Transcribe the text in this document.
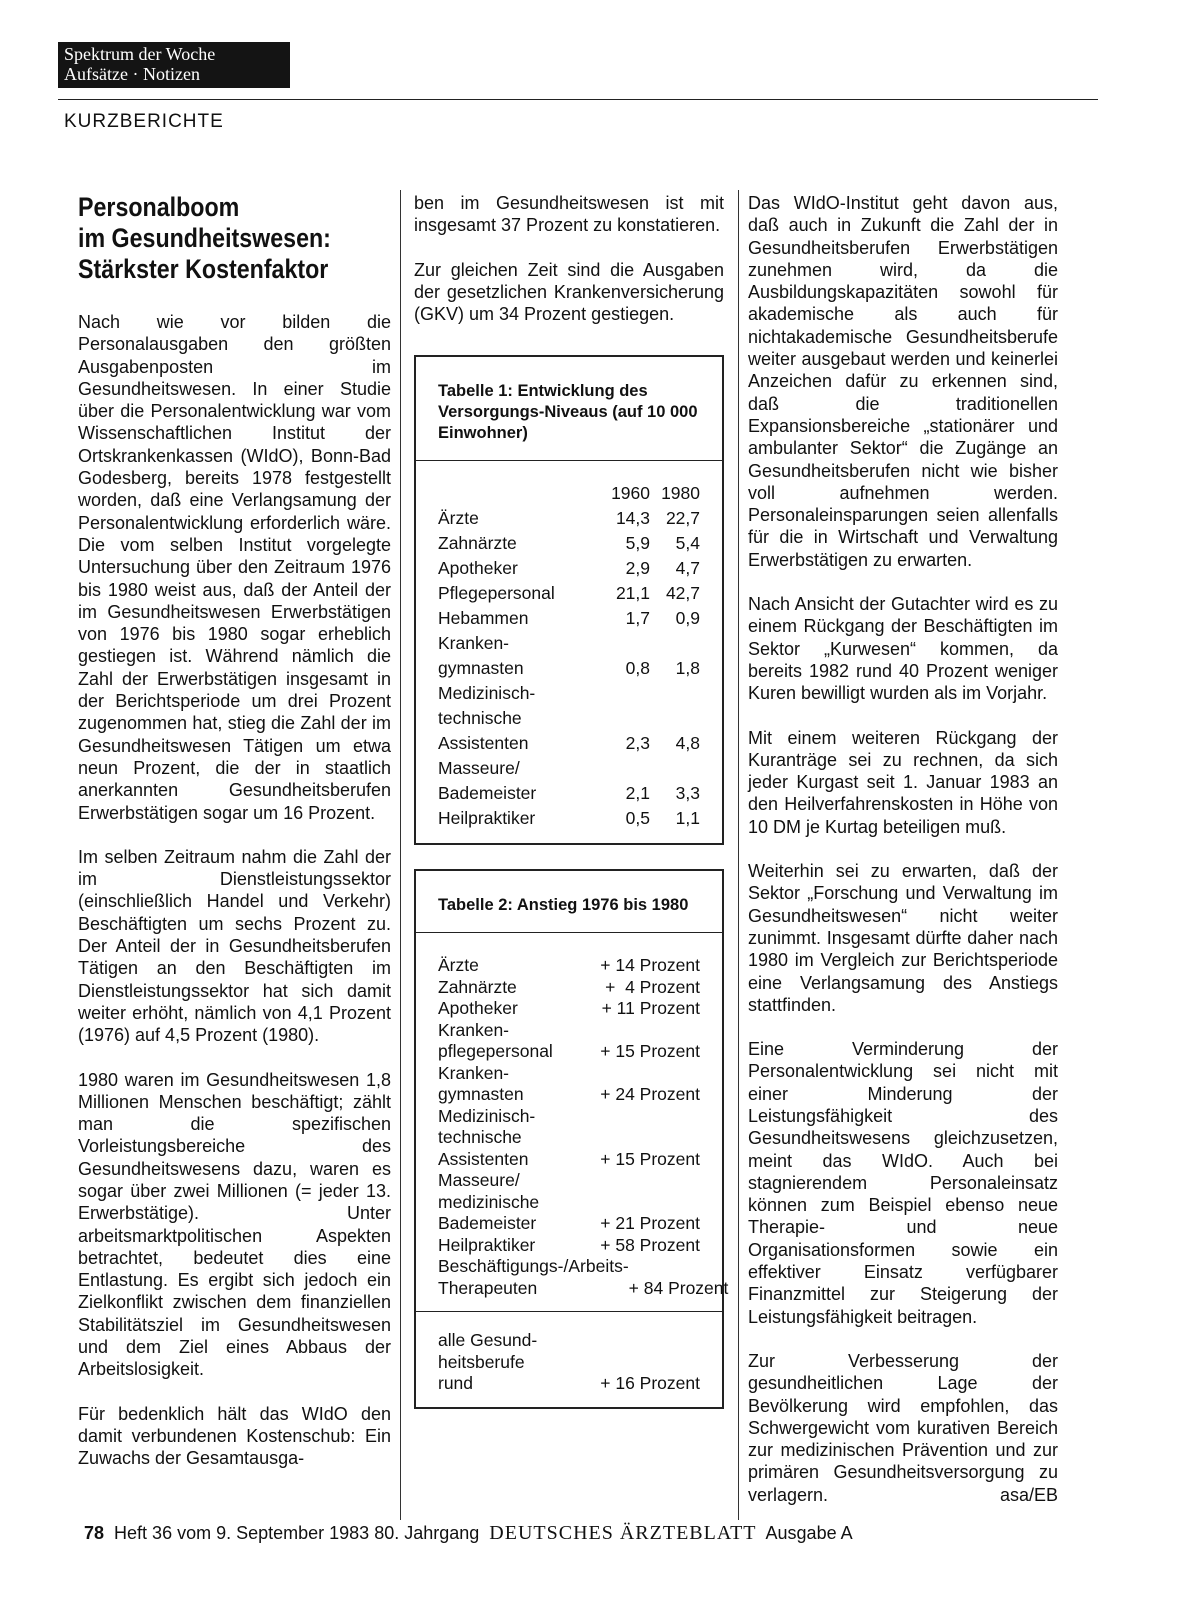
Spektrum der Woche
Aufsätze · Notizen
KURZBERICHTE
Personalboom
im Gesundheitswesen:
Stärkster Kostenfaktor

Nach wie vor bilden die Personalausgaben den größten Ausgabenposten im Gesundheitswesen. In einer Studie über die Personalentwicklung war vom Wissenschaftlichen Institut der Ortskrankenkassen (WIdO), Bonn-Bad Godesberg, bereits 1978 festgestellt worden, daß eine Verlangsamung der Personalentwicklung erforderlich wäre. Die vom selben Institut vorgelegte Untersuchung über den Zeitraum 1976 bis 1980 weist aus, daß der Anteil der im Gesundheitswesen Erwerbstätigen von 1976 bis 1980 sogar erheblich gestiegen ist. Während nämlich die Zahl der Erwerbstätigen insgesamt in der Berichtsperiode um drei Prozent zugenommen hat, stieg die Zahl der im Gesundheitswesen Tätigen um etwa neun Prozent, die der in staatlich anerkannten Gesundheitsberufen Erwerbstätigen sogar um 16 Prozent.

Im selben Zeitraum nahm die Zahl der im Dienstleistungssektor (einschließlich Handel und Verkehr) Beschäftigten um sechs Prozent zu. Der Anteil der in Gesundheitsberufen Tätigen an den Beschäftigten im Dienstleistungssektor hat sich damit weiter erhöht, nämlich von 4,1 Prozent (1976) auf 4,5 Prozent (1980).

1980 waren im Gesundheitswesen 1,8 Millionen Menschen beschäftigt; zählt man die spezifischen Vorleistungsbereiche des Gesundheitswesens dazu, waren es sogar über zwei Millionen (= jeder 13. Erwerbstätige). Unter arbeitsmarktpolitischen Aspekten betrachtet, bedeutet dies eine Entlastung. Es ergibt sich jedoch ein Zielkonflikt zwischen dem finanziellen Stabilitätsziel im Gesundheitswesen und dem Ziel eines Abbaus der Arbeitslosigkeit.

Für bedenklich hält das WIdO den damit verbundenen Kostenschub: Ein Zuwachs der Gesamtausga-

ben im Gesundheitswesen ist mit insgesamt 37 Prozent zu konstatieren.

Zur gleichen Zeit sind die Ausgaben der gesetzlichen Krankenversicherung (GKV) um 34 Prozent gestiegen.

Tabelle 1: Entwicklung des Versorgungs-Niveaus (auf 10 000 Einwohner)
1960 1980
Ärzte	14,3 22,7
Zahnärzte	5,9	5,4
Apotheker	2,9	4,7
Pflegepersonal	21,1 42,7
Hebammen	1,7	0,9
Kranken-
gymnasten	0,8	1,8
Medizinisch-
technische
Assistenten	2,3	4,8
Masseure/
Bademeister	2,1	3,3
Heilpraktiker	0,5	1,1
Tabelle 2: Anstieg 1976 bis 1980
Ärzte	+ 14 Prozent
Zahnärzte	+  4 Prozent
Apotheker	+ 11 Prozent
Kranken-
pflegepersonal	+ 15 Prozent
Kranken-
gymnasten	+ 24 Prozent
Medizinisch-
technische
Assistenten	+ 15 Prozent
Masseure/
medizinische
Bademeister	+ 21 Prozent
Heilpraktiker	+ 58 Prozent
Beschäftigungs-/Arbeits-
Therapeuten	+ 84 Prozent
alle Gesund-
heitsberufe
rund	+ 16 Prozent

Das WIdO-Institut geht davon aus, daß auch in Zukunft die Zahl der in Gesundheitsberufen Erwerbstätigen zunehmen wird, da die Ausbildungskapazitäten sowohl für akademische als auch für nichtakademische Gesundheitsberufe weiter ausgebaut werden und keinerlei Anzeichen dafür zu erkennen sind, daß die traditionellen Expansionsbereiche „stationärer und ambulanter Sektor“ die Zugänge an Gesundheitsberufen nicht wie bisher voll aufnehmen werden. Personaleinsparungen seien allenfalls für die in Wirtschaft und Verwaltung Erwerbstätigen zu erwarten.

Nach Ansicht der Gutachter wird es zu einem Rückgang der Beschäftigten im Sektor „Kurwesen“ kommen, da bereits 1982 rund 40 Prozent weniger Kuren bewilligt wurden als im Vorjahr.

Mit einem weiteren Rückgang der Kuranträge sei zu rechnen, da sich jeder Kurgast seit 1. Januar 1983 an den Heilverfahrenskosten in Höhe von 10 DM je Kurtag beteiligen muß.

Weiterhin sei zu erwarten, daß der Sektor „Forschung und Verwaltung im Gesundheitswesen“ nicht weiter zunimmt. Insgesamt dürfte daher nach 1980 im Vergleich zur Berichtsperiode eine Verlangsamung des Anstiegs stattfinden.

Eine Verminderung der Personalentwicklung sei nicht mit einer Minderung der Leistungsfähigkeit des Gesundheitswesens gleichzusetzen, meint das WIdO. Auch bei stagnierendem Personaleinsatz können zum Beispiel ebenso neue Therapie- und neue Organisationsformen sowie ein effektiver Einsatz verfügbarer Finanzmittel zur Steigerung der Leistungsfähigkeit beitragen.

Zur Verbesserung der gesundheitlichen Lage der Bevölkerung wird empfohlen, das Schwergewicht vom kurativen Bereich zur medizinischen Prävention und zur primären Gesundheitsversorgung zu verlagern.	asa/EB
78 Heft 36 vom 9. September 1983 80. Jahrgang DEUTSCHES ÄRZTEBLATT Ausgabe A
